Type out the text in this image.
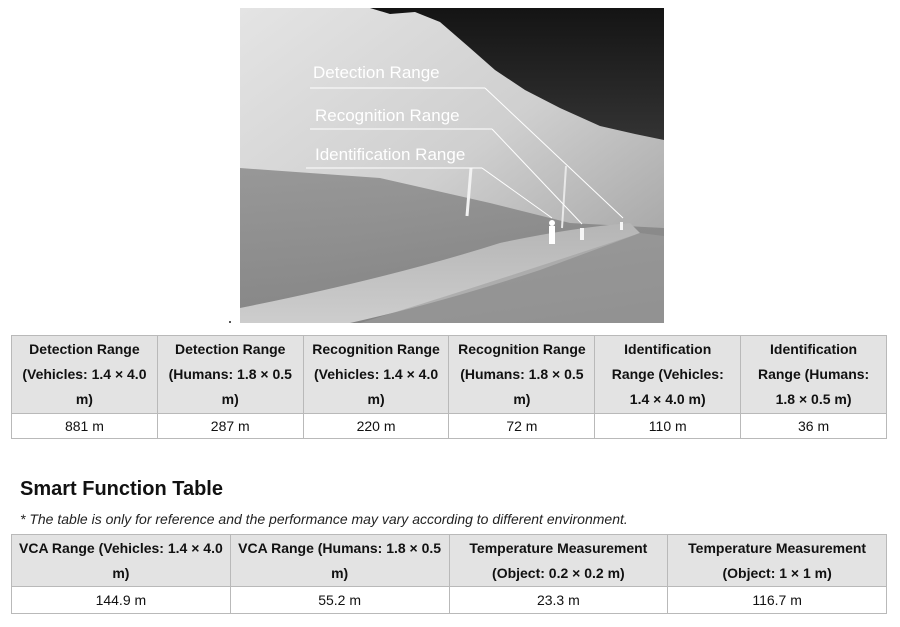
Detection Range
Recognition Range
Identification Range
Detection Range (Vehicles: 1.4 × 4.0 m)	Detection Range (Humans: 1.8 × 0.5 m)	Recognition Range (Vehicles: 1.4 × 4.0 m)	Recognition Range (Humans: 1.8 × 0.5 m)	Identification Range (Vehicles: 1.4 × 4.0 m)	Identification Range (Humans: 1.8 × 0.5 m)
881 m	287 m	220 m	72 m	110 m	36 m
Smart Function Table

* The table is only for reference and the performance may vary according to different environment.

VCA Range (Vehicles: 1.4 × 4.0 m)	VCA Range (Humans: 1.8 × 0.5 m)	Temperature Measurement (Object: 0.2 × 0.2 m)	Temperature Measurement (Object: 1 × 1 m)
144.9 m	55.2 m	23.3 m	116.7 m
